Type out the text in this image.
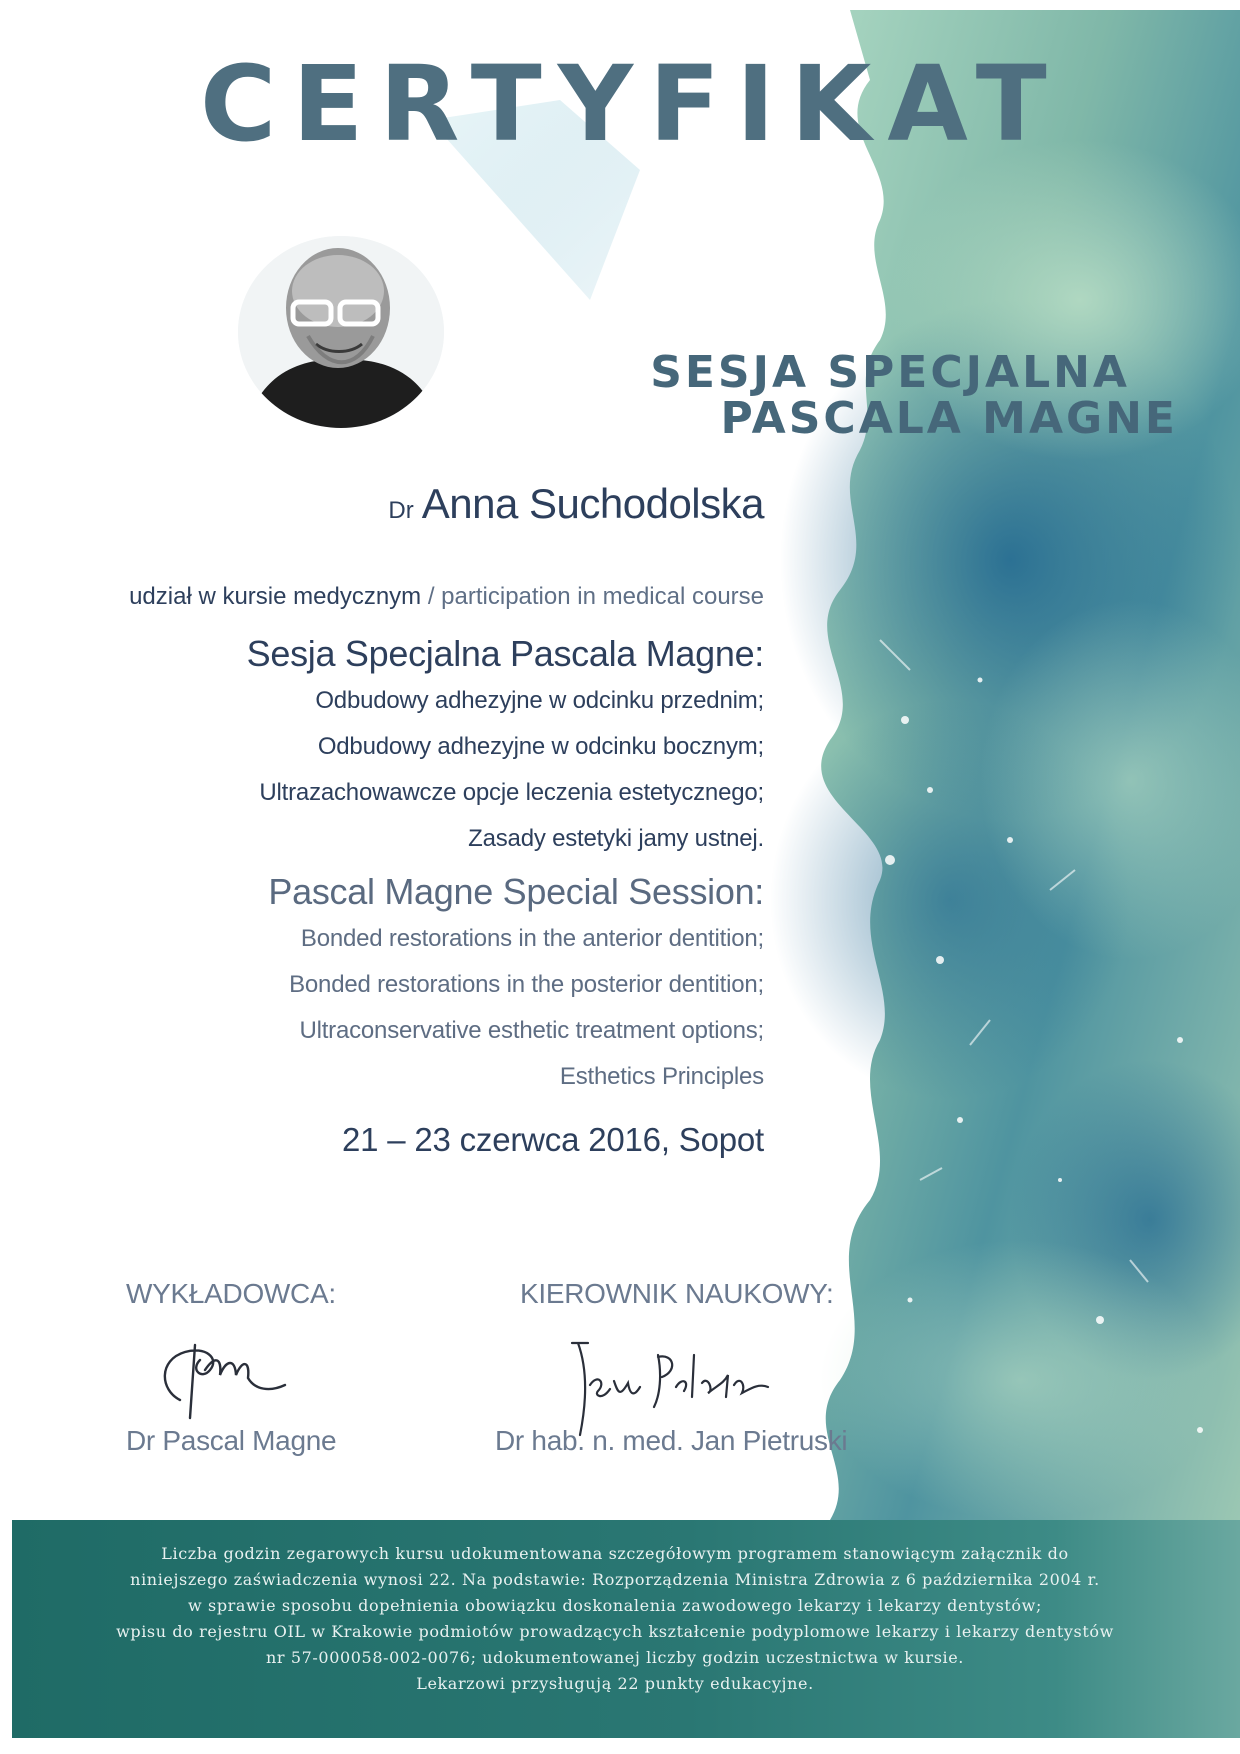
CERTYFIKAT
SESJA SPECJALNA
PASCALA MAGNE
Dr Anna Suchodolska
udział w kursie medycznym / participation in medical course
Sesja Specjalna Pascala Magne:
Odbudowy adhezyjne w odcinku przednim;
Odbudowy adhezyjne w odcinku bocznym;
Ultrazachowawcze opcje leczenia estetycznego;
Zasady estetyki jamy ustnej.
Pascal Magne Special Session:
Bonded restorations in the anterior dentition;
Bonded restorations in the posterior dentition;
Ultraconservative esthetic treatment options;
Esthetics Principles
21 – 23 czerwca 2016, Sopot
WYKŁADOWCA:	KIEROWNIK NAUKOWY:
Dr Pascal Magne	Dr hab. n. med. Jan Pietruski
Liczba godzin zegarowych kursu udokumentowana szczegółowym programem stanowiącym załącznik do
niniejszego zaświadczenia wynosi 22. Na podstawie: Rozporządzenia Ministra Zdrowia z 6 października 2004 r.
w sprawie sposobu dopełnienia obowiązku doskonalenia zawodowego lekarzy i lekarzy dentystów;
wpisu do rejestru OIL w Krakowie podmiotów prowadzących kształcenie podyplomowe lekarzy i lekarzy dentystów
nr 57-000058-002-0076; udokumentowanej liczby godzin uczestnictwa w kursie.
Lekarzowi przysługują 22 punkty edukacyjne.
